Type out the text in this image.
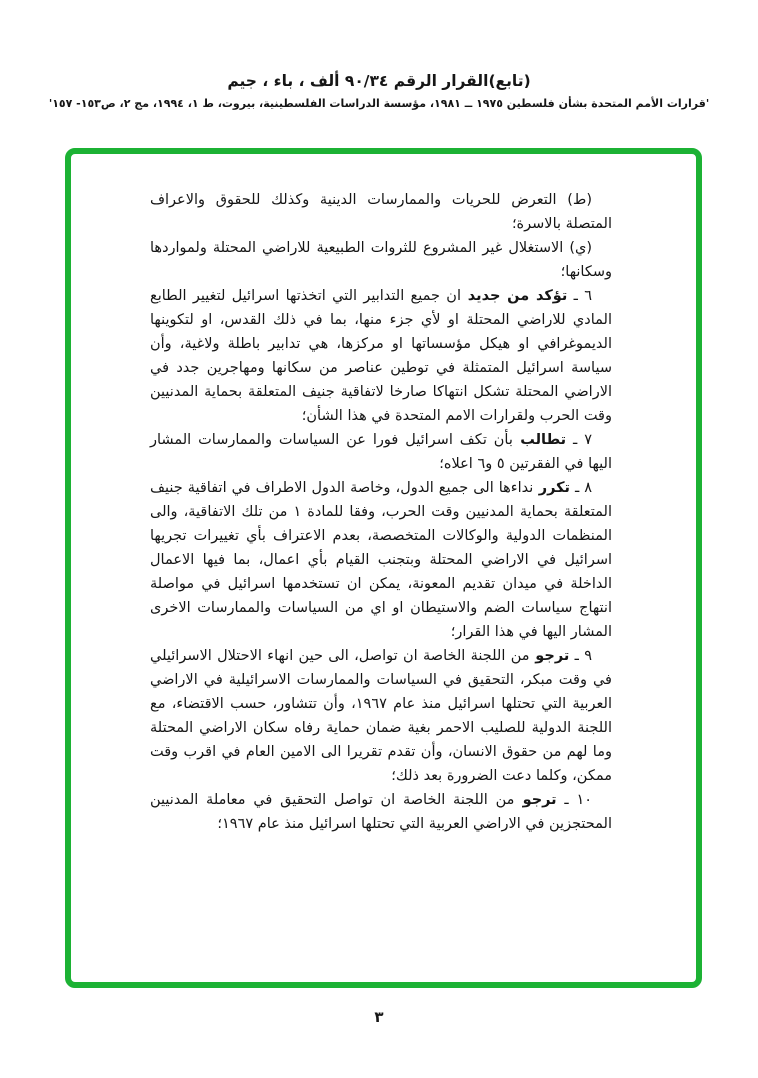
(تابع)القرار الرقم ٩٠/٣٤ ألف ، باء ، جيم
'قرارات الأمم المتحدة بشأن فلسطين ١٩٧٥ ــ ١٩٨١، مؤسسة الدراسات الفلسطينية، بيروت، ط ١، ١٩٩٤، مج ٢، ص١٥٣- ١٥٧'

(ط) التعرض للحريات والممارسات الدينية وكذلك للحقوق والاعراف المتصلة بالاسرة؛

(ي) الاستغلال غير المشروع للثروات الطبيعية للاراضي المحتلة ولمواردها وسكانها؛

٦ ـ تؤكد من جديد ان جميع التدابير التي اتخذتها اسرائيل لتغيير الطابع المادي للاراضي المحتلة او لأي جزء منها، بما في ذلك القدس، او لتكوينها الديموغرافي او هيكل مؤسساتها او مركزها، هي تدابير باطلة ولاغية، وأن سياسة اسرائيل المتمثلة في توطين عناصر من سكانها ومهاجرين جدد في الاراضي المحتلة تشكل انتهاكا صارخا لاتفاقية جنيف المتعلقة بحماية المدنيين وقت الحرب ولقرارات الامم المتحدة في هذا الشأن؛

٧ ـ تطالب بأن تكف اسرائيل فورا عن السياسات والممارسات المشار اليها في الفقرتين ٥ و٦ اعلاه؛

٨ ـ تكرر نداءها الى جميع الدول، وخاصة الدول الاطراف في اتفاقية جنيف المتعلقة بحماية المدنيين وقت الحرب، وفقا للمادة ١ من تلك الاتفاقية، والى المنظمات الدولية والوكالات المتخصصة، بعدم الاعتراف بأي تغييرات تجريها اسرائيل في الاراضي المحتلة وبتجنب القيام بأي اعمال، بما فيها الاعمال الداخلة في ميدان تقديم المعونة، يمكن ان تستخدمها اسرائيل في مواصلة انتهاج سياسات الضم والاستيطان او اي من السياسات والممارسات الاخرى المشار اليها في هذا القرار؛

٩ ـ ترجو من اللجنة الخاصة ان تواصل، الى حين انهاء الاحتلال الاسرائيلي في وقت مبكر، التحقيق في السياسات والممارسات الاسرائيلية في الاراضي العربية التي تحتلها اسرائيل منذ عام ١٩٦٧، وأن تتشاور، حسب الاقتضاء، مع اللجنة الدولية للصليب الاحمر بغية ضمان حماية رفاه سكان الاراضي المحتلة وما لهم من حقوق الانسان، وأن تقدم تقريرا الى الامين العام في اقرب وقت ممكن، وكلما دعت الضرورة بعد ذلك؛

١٠ ـ ترجو من اللجنة الخاصة ان تواصل التحقيق في معاملة المدنيين المحتجزين في الاراضي العربية التي تحتلها اسرائيل منذ عام ١٩٦٧؛

٣
